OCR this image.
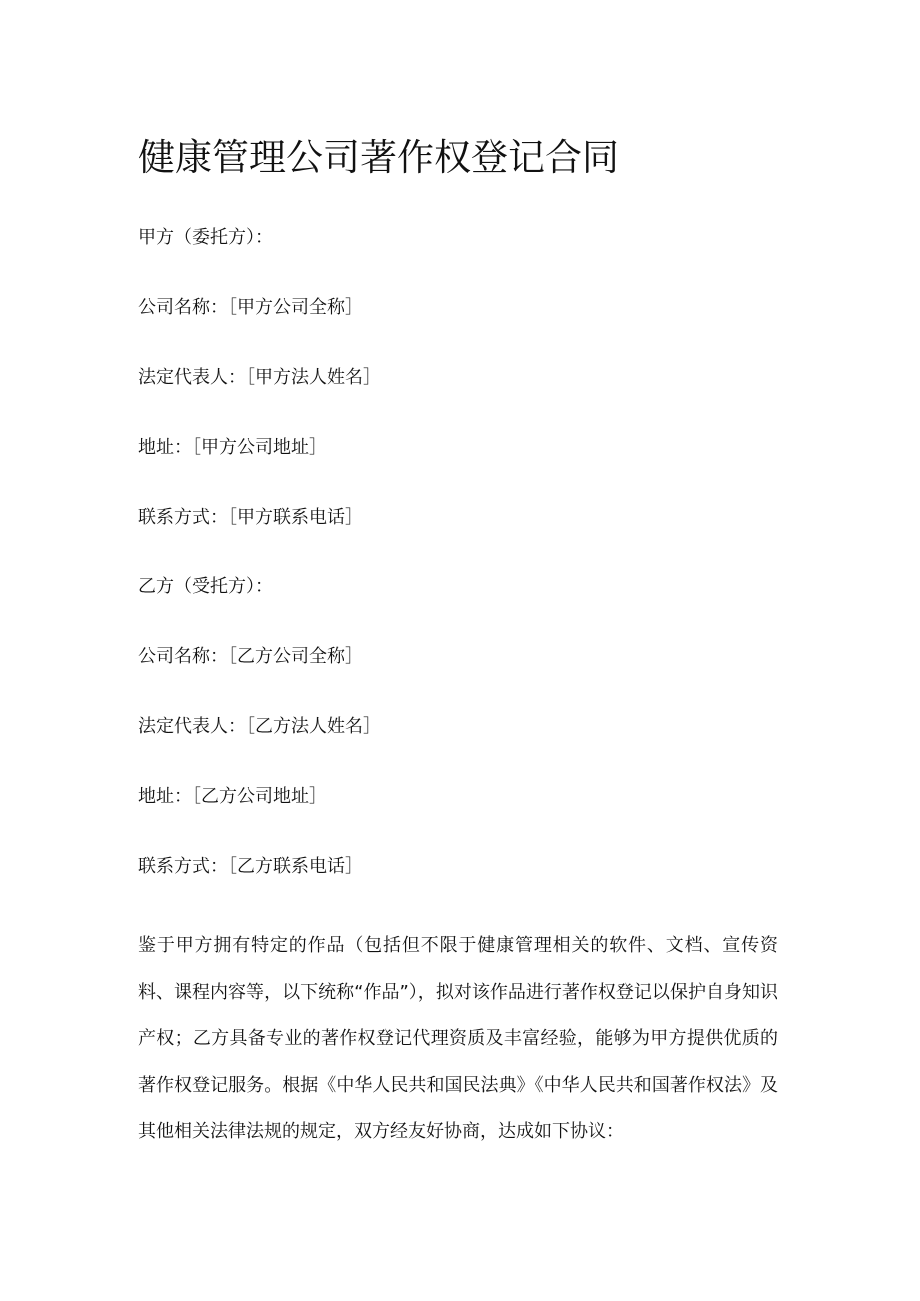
健康管理公司著作权登记合同

甲方（委托方）：

公司名称：［甲方公司全称］

法定代表人：［甲方法人姓名］

地址：［甲方公司地址］

联系方式：［甲方联系电话］

乙方（受托方）：

公司名称：［乙方公司全称］

法定代表人：［乙方法人姓名］

地址：［乙方公司地址］

联系方式：［乙方联系电话］

鉴于甲方拥有特定的作品（包括但不限于健康管理相关的软件、文档、宣传资料、课程内容等，以下统称“作品”），拟对该作品进行著作权登记以保护自身知识产权；乙方具备专业的著作权登记代理资质及丰富经验，能够为甲方提供优质的著作权登记服务。根据《中华人民共和国民法典》《中华人民共和国著作权法》及其他相关法律法规的规定，双方经友好协商，达成如下协议：
